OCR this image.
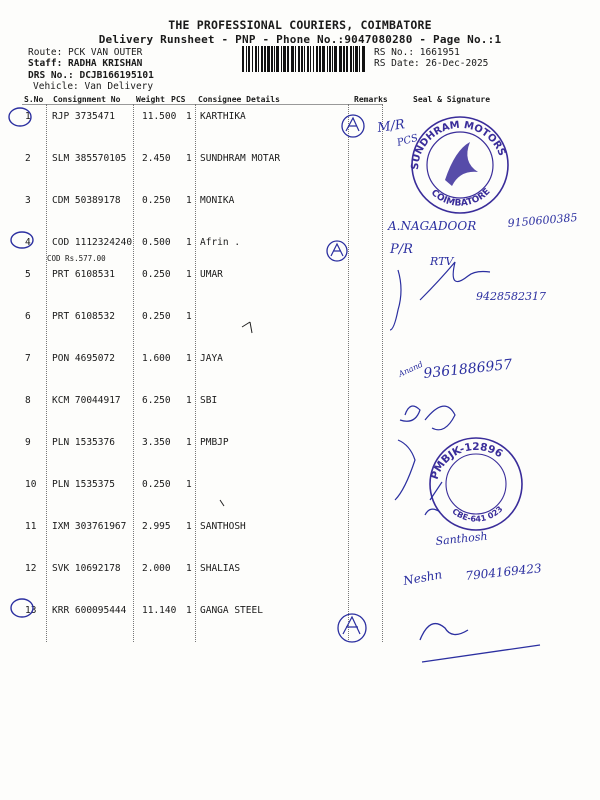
THE PROFESSIONAL COURIERS, COIMBATORE
Delivery Runsheet - PNP - Phone No.:9047080280 - Page No.:1
Route: PCK VAN OUTER
Staff: RADHA KRISHAN
DRS No.: DCJB166195101
Vehicle: Van Delivery
RS No.: 1661951
RS Date: 26-Dec-2025
S.No Consignment No Weight PCS Consignee Details	Remarks	Seal & Signature
1 RJP 3735471	11.500 1 KARTHIKA
2 SLM 385570105 2.450 1 SUNDHRAM MOTAR
3 CDM 50389178 0.250 1 MONIKA
4 COD 1112324240 0.500 1 Afrin .
COD Rs.577.00
5 PRT 6108531	0.250 1 UMAR
6 PRT 6108532	0.250 1
7 PON 4695072	1.600 1 JAYA
8 KCM 70044917 6.250 1 SBI
9 PLN 1535376	3.350 1 PMBJP
10 PLN 1535375	0.250 1
11 IXM 303761967 2.995 1 SANTHOSH
12 SVK 10692178 2.000 1 SHALIAS
13 KRR 600095444 11.140 1 GANGA STEEL
SUNDHRAM MOTORS
COIMBATORE
PMBJK-12896
CBE-641 023
M/R
PCS
A.NAGADOOR	9150600385
P/R
RTV
9428582317
Anand
9361886957
Santhosh
Neshn 7904169423
